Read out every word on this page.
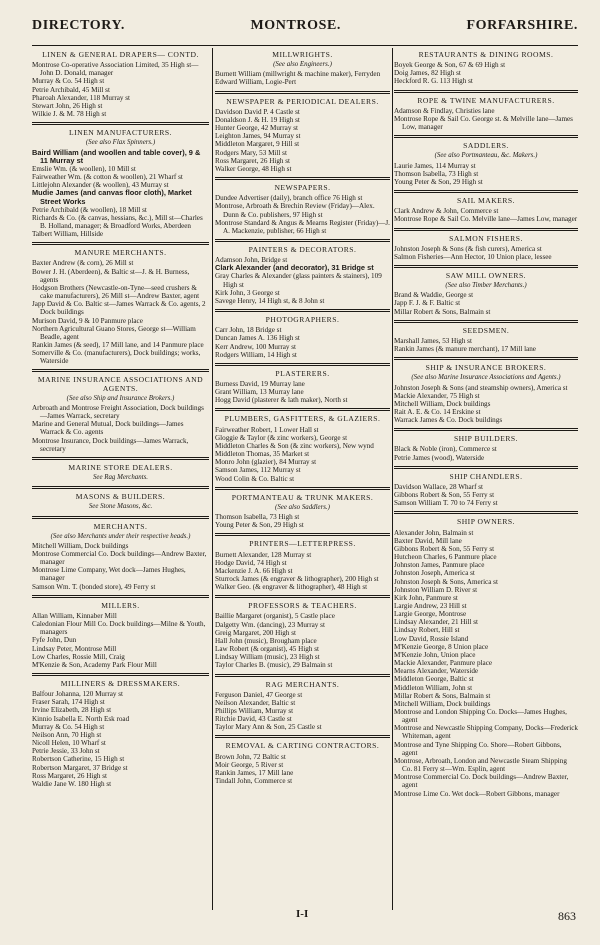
DIRECTORY.	MONTROSE.	FORFARSHIRE.
LINEN & GENERAL DRAPERS— CONTD.
Montrose Co-operative Association Limited, 35 High st—John D. Donald, manager
Murray & Co. 54 High st
Petrie Archibald, 45 Mill st
Pharoah Alexander, 118 Murray st
Stewart John, 26 High st
Wilkie J. & M. 78 High st
LINEN MANUFACTURERS.
(See also Flax Spinners.)
Baird William (and woollen and table cover), 9 & 11 Murray st
Emslie Wm. (& woollen), 10 Mill st
Fairweather Wm. (& cotton & woollen), 21 Wharf st
Littlejohn Alexander (& woollen), 43 Murray st
Mudie James (and canvas floor cloth), Market Street Works
Petrie Archibald (& woollen), 18 Mill st
Richards & Co. (& canvas, hessians, &c.), Mill st—Charles B. Holland, manager; & Broadford Works, Aberdeen
Talbert William, Hillside
MANURE MERCHANTS.
Baxter Andrew (& corn), 26 Mill st
Bower J. H. (Aberdeen), & Baltic st—J. & H. Burness, agents
Hodgson Brothers (Newcastle-on-Tyne—seed crushers & cake manufacturers), 26 Mill st—Andrew Baxter, agent
Japp David & Co. Baltic st—James Warrack & Co. agents, 2 Dock buildings
Murison David, 9 & 10 Panmure place
Northern Agricultural Guano Stores, George st—William Beadle, agent
Rankin James (& seed), 17 Mill lane, and 14 Panmure place
Somerville & Co. (manufacturers), Dock buildings; works, Waterside
MARINE INSURANCE ASSOCIATIONS AND AGENTS.
(See also Ship and Insurance Brokers.)
Arbroath and Montrose Freight Association, Dock buildings—James Warrack, secretary
Marine and General Mutual, Dock buildings—James Warrack & Co. agents
Montrose Insurance, Dock buildings—James Warrack, secretary
MARINE STORE DEALERS.
See Rag Merchants.
MASONS & BUILDERS.
See Stone Masons, &c.
MERCHANTS.
(See also Merchants under their respective heads.)
Mitchell William, Dock buildings
Montrose Commercial Co. Dock buildings—Andrew Baxter, manager
Montrose Lime Company, Wet dock—James Hughes, manager
Samson Wm. T. (bonded store), 49 Ferry st
MILLERS.
Allan William, Kinnaber Mill
Caledonian Flour Mill Co. Dock buildings—Milne & Youth, managers
Fyfe John, Dun
Lindsay Peter, Montrose Mill
Low Charles, Rossie Mill, Craig
M'Kenzie & Son, Academy Park Flour Mill
MILLINERS & DRESSMAKERS.
Balfour Johanna, 120 Murray st
Fraser Sarah, 174 High st
Irvine Elizabeth, 28 High st
Kinnio Isabella E. North Esk road
Murray & Co. 54 High st
Neilson Ann, 70 High st
Nicoll Helen, 10 Wharf st
Petrie Jessie, 33 John st
Robertson Catherine, 15 High st
Robertson Margaret, 37 Bridge st
Ross Margaret, 26 High st
Waldie Jane W. 180 High st
MILLWRIGHTS.
(See also Engineers.)
Burnett William (millwright & machine maker), Ferryden
Edward William, Logie-Pert
NEWSPAPER & PERIODICAL DEALERS.
Davidson David P. 4 Castle st
Donaldson J. & H. 19 High st
Hunter George, 42 Murray st
Leighton James, 94 Murray st
Middleton Margaret, 9 Hill st
Rodgers Mary, 53 Mill st
Ross Margaret, 26 High st
Walker George, 48 High st
NEWSPAPERS.
Dundee Advertiser (daily), branch office 76 High st
Montrose, Arbroath & Brechin Review (Friday)—Alex. Dunn & Co. publishers, 97 High st
Montrose Standard & Angus & Mearns Register (Friday)—J. A. Mackenzie, publisher, 66 High st
PAINTERS & DECORATORS.
Adamson John, Bridge st
Clark Alexander (and decorator), 31 Bridge st
Gray Charles & Alexander (glass painters & stainers), 109 High st
Kirk John, 3 George st
Savege Henry, 14 High st, & 8 John st
PHOTOGRAPHERS.
Carr John, 18 Bridge st
Duncan James A. 136 High st
Kerr Andrew, 100 Murray st
Rodgers William, 14 High st
PLASTERERS.
Burness David, 19 Murray lane
Grant William, 13 Murray lane
Hogg David (plasterer & lath maker), North st
PLUMBERS, GASFITTERS, & GLAZIERS.
Fairweather Robert, 1 Lower Hall st
Gloggie & Taylor (& zinc workers), George st
Middleton Charles & Son (& zinc workers), New wynd
Middleton Thomas, 35 Market st
Monro John (glazier), 84 Murray st
Samson James, 112 Murray st
Wood Colin & Co. Baltic st
PORTMANTEAU & TRUNK MAKERS.
(See also Saddlers.)
Thomson Isabella, 73 High st
Young Peter & Son, 29 High st
PRINTERS—LETTERPRESS.
Burnett Alexander, 128 Murray st
Hodge David, 74 High st
Mackenzie J. A. 66 High st
Sturrock James (& engraver & lithographer), 200 High st
Walker Geo. (& engraver & lithographer), 48 High st
PROFESSORS & TEACHERS.
Baillie Margaret (organist), 5 Castle place
Dalgetty Wm. (dancing), 23 Murray st
Greig Margaret, 200 High st
Hall John (music), Brougham place
Law Robert (& organist), 45 High st
Lindsay William (music), 23 High st
Taylor Charles B. (music), 29 Balmain st
RAG MERCHANTS.
Ferguson Daniel, 47 George st
Neilson Alexander, Baltic st
Phillips William, Murray st
Ritchie David, 43 Castle st
Taylor Mary Ann & Son, 25 Castle st
REMOVAL & CARTING CONTRACTORS.
Brown John, 72 Baltic st
Moir George, 5 River st
Rankin James, 17 Mill lane
Tindall John, Commerce st
RESTAURANTS & DINING ROOMS.
Boyek George & Son, 67 & 69 High st
Doig James, 82 High st
Heckford R. G. 113 High st
ROPE & TWINE MANUFACTURERS.
Adamson & Findlay, Christies lane
Montrose Rope & Sail Co. George st. & Melville lane—James Low, manager
SADDLERS.
(See also Portmanteau, &c. Makers.)
Laurie James, 114 Murray st
Thomson Isabella, 73 High st
Young Peter & Son, 29 High st
SAIL MAKERS.
Clark Andrew & John, Commerce st
Montrose Rope & Sail Co. Melville lane—James Low, manager
SALMON FISHERS.
Johnston Joseph & Sons (& fish curers), America st
Salmon Fisheries—Ann Hector, 10 Union place, lessee
SAW MILL OWNERS.
(See also Timber Merchants.)
Brand & Waddie, George st
Japp F. J. & F. Baltic st
Millar Robert & Sons, Balmain st
SEEDSMEN.
Marshall James, 53 High st
Rankin James (& manure merchant), 17 Mill lane
SHIP & INSURANCE BROKERS.
(See also Marine Insurance Associations and Agents.)
Johnston Joseph & Sons (and steamship owners), America st
Mackie Alexander, 75 High st
Mitchell William, Dock buildings
Rait A. E. & Co. 14 Erskine st
Warrack James & Co. Dock buildings
SHIP BUILDERS.
Black & Noble (iron), Commerce st
Petrie James (wood), Waterside
SHIP CHANDLERS.
Davidson Wallace, 28 Wharf st
Gibbons Robert & Son, 55 Ferry st
Samson William T. 70 to 74 Ferry st
SHIP OWNERS.
Alexander John, Balmain st
Baxter David, Mill lane
Gibbons Robert & Son, 55 Ferry st
Hutcheon Charles, 6 Panmure place
Johnston James, Panmure place
Johnston Joseph, America st
Johnston Joseph & Sons, America st
Johnston William D. River st
Kirk John, Panmure st
Largie Andrew, 23 Hill st
Largie George, Montrose
Lindsay Alexander, 21 Hill st
Lindsay Robert, Hill st
Low David, Rossie Island
M'Kenzie George, 8 Union place
M'Kenzie John, Union place
Mackie Alexander, Panmure place
Mearns Alexander, Waterside
Middleton George, Baltic st
Middleton William, John st
Millar Robert & Sons, Balmain st
Mitchell William, Dock buildings
Montrose and London Shipping Co. Docks—James Hughes, agent
Montrose and Newcastle Shipping Company, Docks—Frederick Whiteman, agent
Montrose and Tyne Shipping Co. Shore—Robert Gibbons, agent
Montrose, Arbroath, London and Newcastle Steam Shipping Co. 81 Ferry st—Wm. Esplin, agent
Montrose Commercial Co. Dock buildings—Andrew Baxter, agent
Montrose Lime Co. Wet dock—Robert Gibbons, manager
I-I	863
